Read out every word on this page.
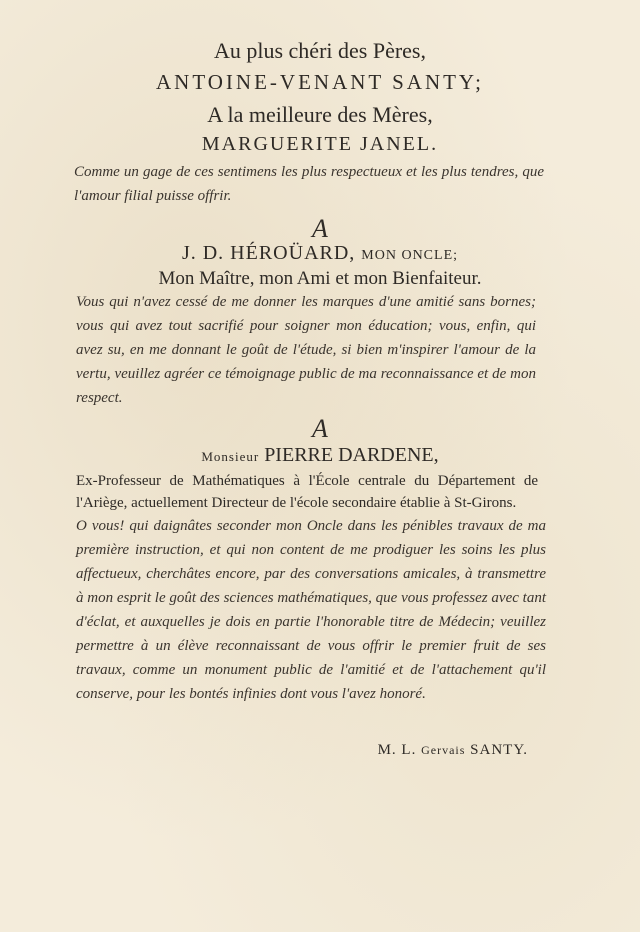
Au plus chéri des Pères,
ANTOINE-VENANT SANTY;
A la meilleure des Mères,
MARGUERITE JANEL.
Comme un gage de ces sentimens les plus respectueux et les plus tendres, que l'amour filial puisse offrir.
A
J. D. HÉROÜARD, MON ONCLE;
Mon Maître, mon Ami et mon Bienfaiteur.
Vous qui n'avez cessé de me donner les marques d'une amitié sans bornes; vous qui avez tout sacrifié pour soigner mon éducation; vous, enfin, qui avez su, en me donnant le goût de l'étude, si bien m'inspirer l'amour de la vertu, veuillez agréer ce témoignage public de ma reconnaissance et de mon respect.
A
Monsieur PIERRE DARDENE,
Ex-Professeur de Mathématiques à l'École centrale du Département de l'Ariège, actuellement Directeur de l'école secondaire établie à St-Girons.
O vous! qui daignâtes seconder mon Oncle dans les pénibles travaux de ma première instruction, et qui non content de me prodiguer les soins les plus affectueux, cherchâtes encore, par des conversations amicales, à transmettre à mon esprit le goût des sciences mathématiques, que vous professez avec tant d'éclat, et auxquelles je dois en partie l'honorable titre de Médecin; veuillez permettre à un élève reconnaissant de vous offrir le premier fruit de ses travaux, comme un monument public de l'amitié et de l'attachement qu'il conserve, pour les bontés infinies dont vous l'avez honoré.
M. L. Gervais SANTY.
